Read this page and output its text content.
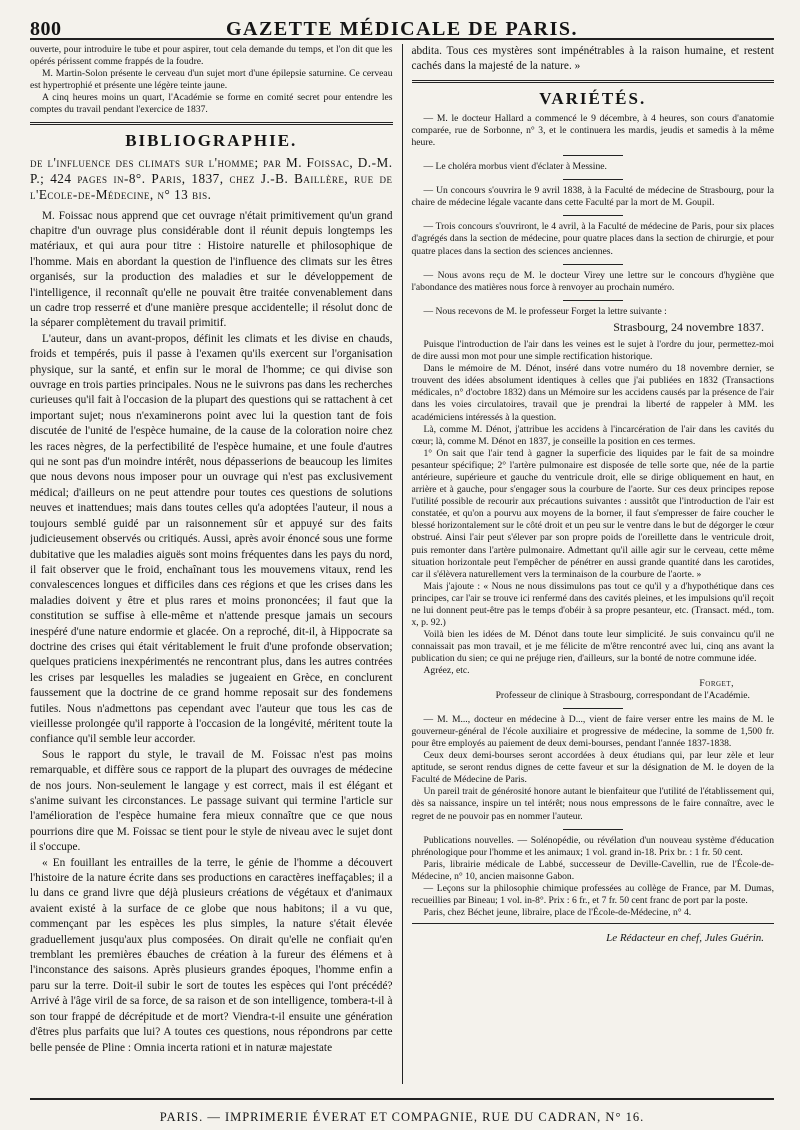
800	GAZETTE MÉDICALE DE PARIS.

ouverte, pour introduire le tube et pour aspirer, tout cela demande du temps, et l'on dit que les opérés périssent comme frappés de la foudre.

M. Martin-Solon présente le cerveau d'un sujet mort d'une épilepsie saturnine. Ce cerveau est hypertrophié et présente une légère teinte jaune.

A cinq heures moins un quart, l'Académie se forme en comité secret pour entendre les comptes du travail pendant l'exercice de 1837.

BIBLIOGRAPHIE.

de l'influence des climats sur l'homme; par M. Foissac, D.-M. P.; 424 pages in-8°. Paris, 1837, chez J.-B. Baillère, rue de l'Ecole-de-Médecine, n° 13 bis.

M. Foissac nous apprend que cet ouvrage n'était primitivement qu'un grand chapitre d'un ouvrage plus considérable dont il réunit depuis longtemps les matériaux, et qui aura pour titre : Histoire naturelle et philosophique de l'homme. Mais en abordant la question de l'influence des climats sur les êtres organisés, sur la production des maladies et sur le développement de l'intelligence, il reconnaît qu'elle ne pouvait être traitée convenablement dans un cadre trop resserré et d'une manière presque accidentelle; il résolut donc de la séparer complètement du travail primitif.

L'auteur, dans un avant-propos, définit les climats et les divise en chauds, froids et tempérés, puis il passe à l'examen qu'ils exercent sur l'organisation physique, sur la santé, et enfin sur le moral de l'homme; ce qui divise son ouvrage en trois parties principales. Nous ne le suivrons pas dans les recherches curieuses qu'il fait à l'occasion de la plupart des questions qui se rattachent à cet important sujet; nous n'examinerons point avec lui la question tant de fois discutée de l'unité de l'espèce humaine, de la cause de la coloration noire chez les races nègres, de la perfectibilité de l'espèce humaine, et une foule d'autres qui ne sont pas d'un moindre intérêt, nous dépasserions de beaucoup les limites que nous devons nous imposer pour un ouvrage qui n'est pas exclusivement médical; d'ailleurs on ne peut attendre pour toutes ces questions de solutions neuves et inattendues; mais dans toutes celles qu'a adoptées l'auteur, il nous a toujours semblé guidé par un raisonnement sûr et appuyé sur des faits judicieusement observés ou critiqués. Aussi, après avoir énoncé sous une forme dubitative que les maladies aiguës sont moins fréquentes dans les pays du nord, il fait observer que le froid, enchaînant tous les mouvemens vitaux, rend les convalescences longues et difficiles dans ces régions et que les crises dans les maladies doivent y être et plus rares et moins prononcées; il faut que la constitution se suffise à elle-même et n'attende presque jamais un secours inespéré d'une nature endormie et glacée. On a reproché, dit-il, à Hippocrate sa doctrine des crises qui était véritablement le fruit d'une profonde observation; quelques praticiens inexpérimentés ne rencontrant plus, dans les autres contrées les crises par lesquelles les maladies se jugeaient en Grèce, en conclurent faussement que la doctrine de ce grand homme reposait sur des fondemens futiles. Nous n'admettons pas cependant avec l'auteur que tous les cas de vieillesse prolongée qu'il rapporte à l'occasion de la longévité, méritent toute la confiance qu'il semble leur accorder.

Sous le rapport du style, le travail de M. Foissac n'est pas moins remarquable, et diffère sous ce rapport de la plupart des ouvrages de médecine de nos jours. Non-seulement le langage y est correct, mais il est élégant et s'anime suivant les circonstances. Le passage suivant qui termine l'article sur l'amélioration de l'espèce humaine fera mieux connaître que ce que nous pourrions dire que M. Foissac se tient pour le style de niveau avec le sujet dont il s'occupe.

« En fouillant les entrailles de la terre, le génie de l'homme a découvert l'histoire de la nature écrite dans ses productions en caractères ineffaçables; il a lu dans ce grand livre que déjà plusieurs créations de végétaux et d'animaux avaient existé à la surface de ce globe que nous habitons; il a vu que, commençant par les espèces les plus simples, la nature s'était élevée graduellement jusqu'aux plus composées. On dirait qu'elle ne confiait qu'en tremblant les premières ébauches de création à la fureur des élémens et à l'inconstance des saisons. Après plusieurs grandes époques, l'homme enfin a paru sur la terre. Doit-il subir le sort de toutes les espèces qui l'ont précédé? Arrivé à l'âge viril de sa force, de sa raison et de son intelligence, tombera-t-il à son tour frappé de décrépitude et de mort? Viendra-t-il ensuite une génération d'êtres plus parfaits que lui? A toutes ces questions, nous répondrons par cette belle pensée de Pline : Omnia incerta rationi et in naturæ majestate

abdita. Tous ces mystères sont impénétrables à la raison humaine, et restent cachés dans la majesté de la nature. »

VARIÉTÉS.

— M. le docteur Hallard a commencé le 9 décembre, à 4 heures, son cours d'anatomie comparée, rue de Sorbonne, n° 3, et le continuera les mardis, jeudis et samedis à la même heure.

— Le choléra morbus vient d'éclater à Messine.

— Un concours s'ouvrira le 9 avril 1838, à la Faculté de médecine de Strasbourg, pour la chaire de médecine légale vacante dans cette Faculté par la mort de M. Goupil.

— Trois concours s'ouvriront, le 4 avril, à la Faculté de médecine de Paris, pour six places d'agrégés dans la section de médecine, pour quatre places dans la section de chirurgie, et pour quatre places dans la section des sciences anciennes.

— Nous avons reçu de M. le docteur Virey une lettre sur le concours d'hygiène que l'abondance des matières nous force à renvoyer au prochain numéro.

— Nous recevons de M. le professeur Forget la lettre suivante :

Strasbourg, 24 novembre 1837.

Puisque l'introduction de l'air dans les veines est le sujet à l'ordre du jour, permettez-moi de dire aussi mon mot pour une simple rectification historique.

Dans le mémoire de M. Dénot, inséré dans votre numéro du 18 novembre dernier, se trouvent des idées absolument identiques à celles que j'ai publiées en 1832 (Transactions médicales, n° d'octobre 1832) dans un Mémoire sur les accidens causés par la présence de l'air dans les voies circulatoires, travail que je prendrai la liberté de rappeler à MM. les académiciens intéressés à la question.

Là, comme M. Dénot, j'attribue les accidens à l'incarcération de l'air dans les cavités du cœur; là, comme M. Dénot en 1837, je conseille la position en ces termes.

1° On sait que l'air tend à gagner la superficie des liquides par le fait de sa moindre pesanteur spécifique; 2° l'artère pulmonaire est disposée de telle sorte que, née de la partie antérieure, supérieure et gauche du ventricule droit, elle se dirige obliquement en haut, en arrière et à gauche, pour s'engager sous la courbure de l'aorte. Sur ces deux principes repose l'utilité possible de recourir aux précautions suivantes : aussitôt que l'introduction de l'air est constatée, et qu'on a pourvu aux moyens de la borner, il faut s'empresser de faire coucher le blessé horizontalement sur le côté droit et un peu sur le ventre dans le but de dégorger le cœur obstrué. Ainsi l'air peut s'élever par son propre poids de l'oreillette dans le ventricule droit, puis remonter dans l'artère pulmonaire. Admettant qu'il aille agir sur le cerveau, cette même situation horizontale peut l'empêcher de pénétrer en aussi grande quantité dans les carotides, car il s'élèvera naturellement vers la terminaison de la courbure de l'aorte. »

Mais j'ajoute : « Nous ne nous dissimulons pas tout ce qu'il y a d'hypothétique dans ces principes, car l'air se trouve ici renfermé dans des cavités pleines, et les impulsions qu'il reçoit ne lui donnent peut-être pas le temps d'obéir à sa propre pesanteur, etc. (Transact. méd., tom. x, p. 92.)

Voilà bien les idées de M. Dénot dans toute leur simplicité. Je suis convaincu qu'il ne connaissait pas mon travail, et je me félicite de m'être rencontré avec lui, cinq ans avant la publication du sien; ce qui ne préjuge rien, d'ailleurs, sur la bonté de notre commune idée.

Agréez, etc.

Forget,
Professeur de clinique à Strasbourg, correspondant de l'Académie.

— M. M..., docteur en médecine à D..., vient de faire verser entre les mains de M. le gouverneur-général de l'école auxiliaire et progressive de médecine, la somme de 1,500 fr. pour être employés au paiement de deux demi-bourses, pendant l'année 1837-1838.

Ceux deux demi-bourses seront accordées à deux étudians qui, par leur zèle et leur aptitude, se seront rendus dignes de cette faveur et sur la désignation de M. le doyen de la Faculté de Médecine de Paris.

Un pareil trait de générosité honore autant le bienfaiteur que l'utilité de l'établissement qui, dès sa naissance, inspire un tel intérêt; nous nous empressons de le faire connaître, avec le regret de ne pouvoir pas en nommer l'auteur.

Publications nouvelles. — Solénopédie, ou révélation d'un nouveau système d'éducation phrénologique pour l'homme et les animaux; 1 vol. grand in-18. Prix br. : 1 fr. 50 cent.

Paris, librairie médicale de Labbé, successeur de Deville-Cavellin, rue de l'École-de-Médecine, n° 10, ancien maisonne Gabon.

— Leçons sur la philosophie chimique professées au collège de France, par M. Dumas, recueillies par Bineau; 1 vol. in-8°. Prix : 6 fr., et 7 fr. 50 cent franc de port par la poste.

Paris, chez Béchet jeune, libraire, place de l'École-de-Médecine, n° 4.

Le Rédacteur en chef, Jules Guérin.
PARIS. — IMPRIMERIE ÉVERAT ET COMPAGNIE, RUE DU CADRAN, N° 16.
